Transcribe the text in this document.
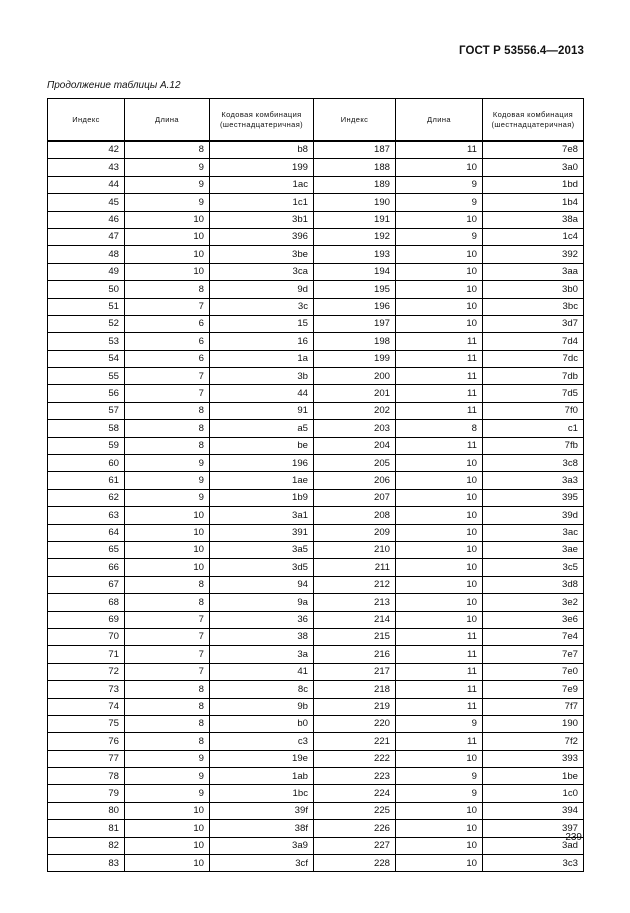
ГОСТ Р 53556.4—2013
Продолжение таблицы А.12
Индекс	Длина	Кодовая комбинация (шестнадцатеричная)	Индекс	Длина	Кодовая комбинация (шестнадцатеричная)
42	8	b8	187	11	7e8
43	9	199	188	10	3a0
44	9	1ac	189	9	1bd
45	9	1c1	190	9	1b4
46	10	3b1	191	10	38a
47	10	396	192	9	1c4
48	10	3be	193	10	392
49	10	3ca	194	10	3aa
50	8	9d	195	10	3b0
51	7	3c	196	10	3bc
52	6	15	197	10	3d7
53	6	16	198	11	7d4
54	6	1a	199	11	7dc
55	7	3b	200	11	7db
56	7	44	201	11	7d5
57	8	91	202	11	7f0
58	8	a5	203	8	c1
59	8	be	204	11	7fb
60	9	196	205	10	3c8
61	9	1ae	206	10	3a3
62	9	1b9	207	10	395
63	10	3a1	208	10	39d
64	10	391	209	10	3ac
65	10	3a5	210	10	3ae
66	10	3d5	211	10	3c5
67	8	94	212	10	3d8
68	8	9a	213	10	3e2
69	7	36	214	10	3e6
70	7	38	215	11	7e4
71	7	3a	216	11	7e7
72	7	41	217	11	7e0
73	8	8c	218	11	7e9
74	8	9b	219	11	7f7
75	8	b0	220	9	190
76	8	c3	221	11	7f2
77	9	19e	222	10	393
78	9	1ab	223	9	1be
79	9	1bc	224	9	1c0
80	10	39f	225	10	394
81	10	38f	226	10	397
82	10	3a9	227	10	3ad
83	10	3cf	228	10	3c3
239
